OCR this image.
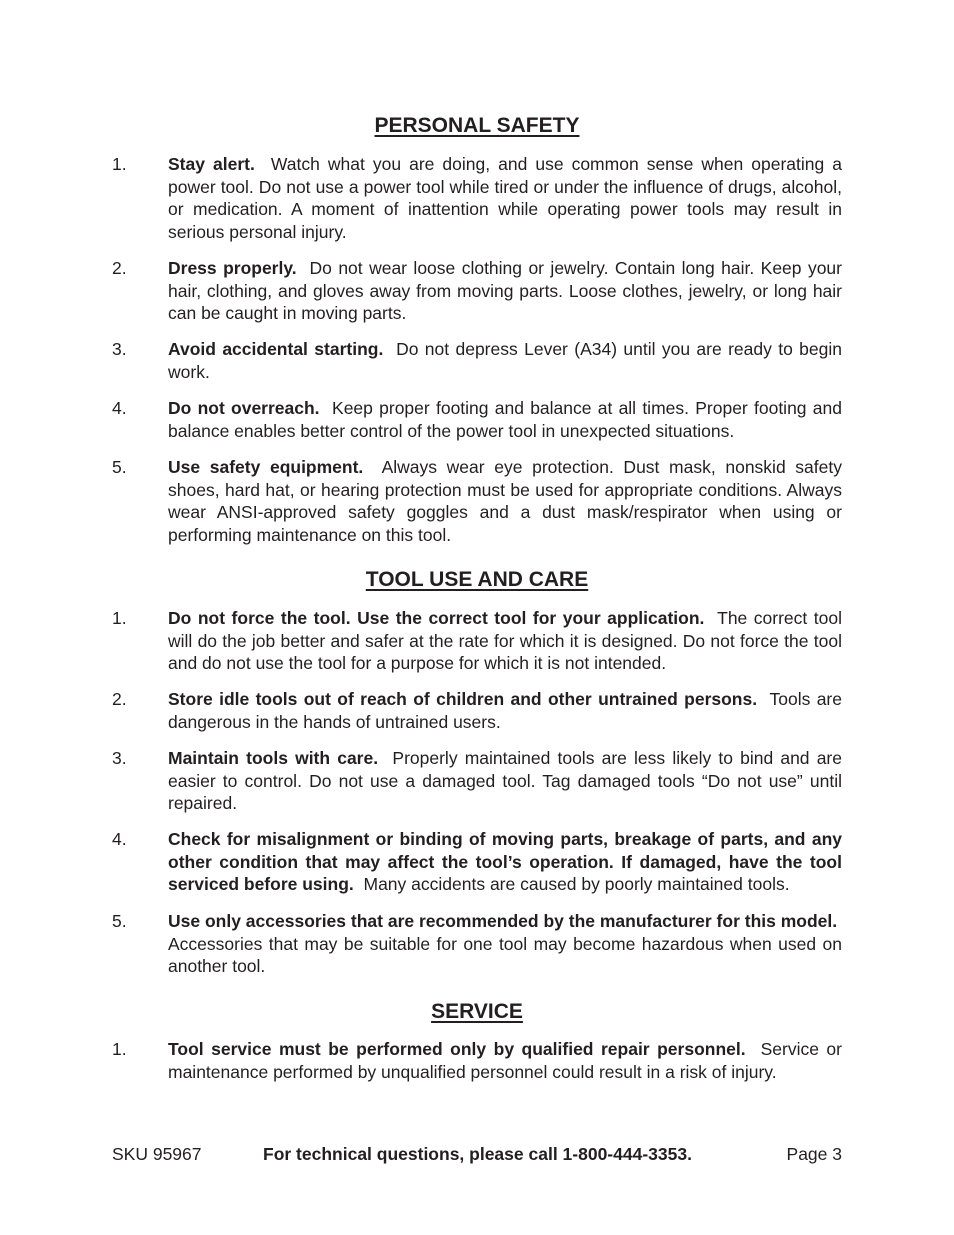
PERSONAL SAFETY
1. Stay alert. Watch what you are doing, and use common sense when operating a power tool. Do not use a power tool while tired or under the influence of drugs, alcohol, or medication. A moment of inattention while operating power tools may result in serious personal injury.
2. Dress properly. Do not wear loose clothing or jewelry. Contain long hair. Keep your hair, clothing, and gloves away from moving parts. Loose clothes, jewelry, or long hair can be caught in moving parts.
3. Avoid accidental starting. Do not depress Lever (A34) until you are ready to begin work.
4. Do not overreach. Keep proper footing and balance at all times. Proper footing and balance enables better control of the power tool in unexpected situations.
5. Use safety equipment. Always wear eye protection. Dust mask, nonskid safety shoes, hard hat, or hearing protection must be used for appropriate conditions. Always wear ANSI-approved safety goggles and a dust mask/respirator when using or performing maintenance on this tool.
TOOL USE AND CARE
1. Do not force the tool. Use the correct tool for your application. The correct tool will do the job better and safer at the rate for which it is designed. Do not force the tool and do not use the tool for a purpose for which it is not intended.
2. Store idle tools out of reach of children and other untrained persons. Tools are dangerous in the hands of untrained users.
3. Maintain tools with care. Properly maintained tools are less likely to bind and are easier to control. Do not use a damaged tool. Tag damaged tools “Do not use” until repaired.
4. Check for misalignment or binding of moving parts, breakage of parts, and any other condition that may affect the tool’s operation. If damaged, have the tool serviced before using. Many accidents are caused by poorly maintained tools.
5. Use only accessories that are recommended by the manufacturer for this model.  Accessories that may be suitable for one tool may become hazardous when used on another tool.
SERVICE
1. Tool service must be performed only by qualified repair personnel. Service or maintenance performed by unqualified personnel could result in a risk of injury.
SKU 95967	For technical questions, please call 1-800-444-3353.	Page 3
